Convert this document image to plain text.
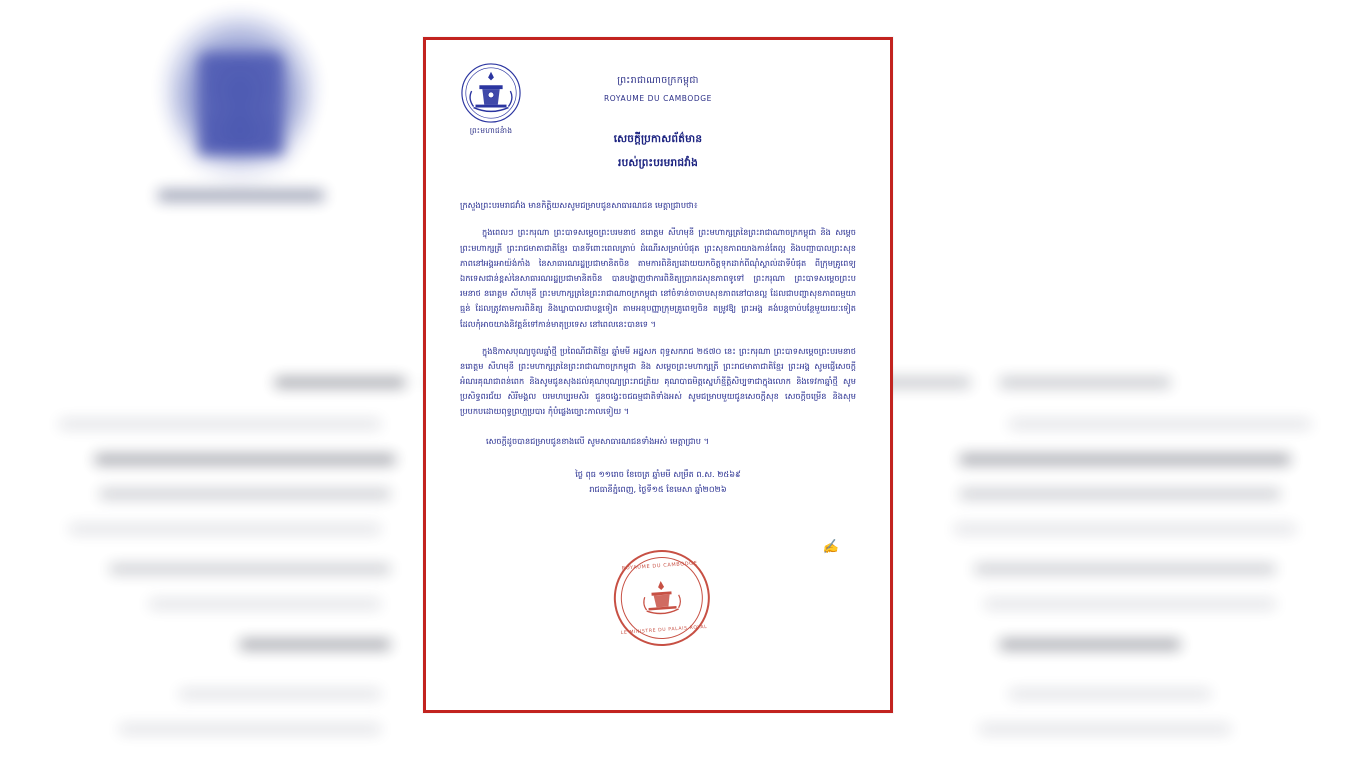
ព្រះមហាជនំាង
ព្រះរាជាណាចក្រកម្ពុជា
ROYAUME DU CAMBODGE
សេចក្តីប្រកាសព័ត៌មាន
របស់ព្រះបរមរាជវាំង

ក្រសួងព្រះបរមរាជវាំង មានកិត្តិយសសូមជម្រាបជូនសាធារណជន មេត្តាជ្រាបថា៖

ក្នុងពេលៗ ព្រះករុណា ព្រះបាទសម្តេចព្រះបរមនាថ នរោត្តម សីហមុនី ព្រះមហាក្សត្រនៃព្រះរាជាណាចក្រកម្ពុជា និង សម្តេចព្រះមហាក្សត្រី ព្រះរាជមាតាជាតិខ្មែរ បានទីពោះពេលត្រាប់ ដំណើរសម្រាប់បំផុត ព្រះសុខភាពយាងកាន់តែល្អ និងបញ្ជាបាលព្រះសុខភាពនៅអង្គរអាយ៉ង់កាំង នៃសាធារណរដ្ឋប្រជាមានិតចិន តាមការពិនិត្យដោយយកចិត្តទុកដាក់ពីណុំស្គាល់ដាទីបំផុត ពីក្រុមគ្រូពេទ្យឯកទេសជាន់ខ្ពស់នៃសាធារណរដ្ឋប្រជាមានិតចិន បានបង្ហាញថាការពិនិត្យប្រាកដសុខភាពទូទៅ ព្រះករុណា ព្រះបាទសម្តេចព្រះបរមនាថ នរោត្តម សីហមុនី ព្រះមហាក្សត្រនៃព្រះរាជាណាចក្រកម្ពុជា នៅចំទាន់ចាចាបសុខភាពនៅបានល្អ ដែលជាបញ្ហាសុខភាពធម្មយាធ្មន់ ដែលត្រូវតាមការពិនិត្យ និងឃ្លាបាលជាបន្តទៀត តាមអនុបញ្ញាក្រុមគ្រូពេទ្យចិន តម្រូវឱ្យ ព្រះអង្គ គង់បន្តចាប់បន្ថែមួយរយៈទៀត ដែលកុំអាចយាងនិវត្តន៍ទៅកាន់មាតុប្រទេស នៅពេលនេះបានទេ ។

ក្នុងឱកាសបុណ្យចូលឆ្នាំថ្មី ប្រពៃណីជាតិខ្មែរ ឆ្នាំមមី អដ្ឋសក ពុទ្ធសករាជ ២៥៧០ នេះ ព្រះករុណា ព្រះបាទសម្តេចព្រះបរមនាថ នរោត្តម សីហមុនី ព្រះមហាក្សត្រនៃព្រះរាជាណាចក្រកម្ពុជា និង សម្តេចព្រះមហាក្សត្រី ព្រះរាជមាតាជាតិខ្មែរ ព្រះអង្គ សូមផ្ញើសេចក្តីអំណរគុណជាពន់ពេក និងសូមជូនសុងដល់គុណបុណ្យព្រះរាជត្រិយ គុណបាធមិត្តស្នេហ៍ខ្មីត្តិសិប្បទាជាក្នុងលោក និងទេវកាឆ្នាំថ្មី សូមប្រសិទ្ធពរជ័យ សិរីមង្គល បរមហប្បរមសិរ ជួនចង្វេះចជធម្មជាតិទាំងអស់ សូមជម្រាបមួយជូនសេចក្តីសុខ សេចក្តីចម្រើន និងសុមប្របកបដោយពុទ្ធព្រហ្មប្របារ កុំបំផ្លេងច្បោះកាលទៀយ ។

សេចក្តីដូចបានជម្រាបជូនខាងលើ សូមសាធារណជនទាំងអស់ មេត្តាជ្រាប ។
ថ្ងៃ ពុធ ១១រោច ខែចេត្រ ឆ្នាំមមី សម្រឹត ព.ស. ២៥៦៩
រាជធានីភ្នំពេញ, ថ្ងៃទី១៥ ខែមេសា ឆ្នាំ២០២៦
✍
ROYAUME DU CAMBODGE
LE MINISTRE DU PALAIS ROYAL
